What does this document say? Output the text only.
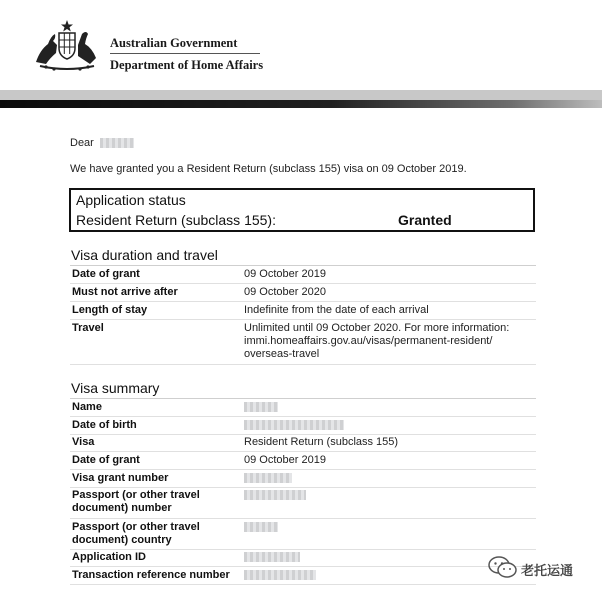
Australian Government
Department of Home Affairs
Dear
We have granted you a Resident Return (subclass 155) visa on 09 October 2019.
Application status
Resident Return (subclass 155):	Granted
Visa duration and travel
Date of grant	09 October 2019
Must not arrive after	09 October 2020
Length of stay	Indefinite from the date of each arrival
Travel	Unlimited until 09 October 2020. For more information:
immi.homeaffairs.gov.au/visas/permanent-resident/
overseas-travel
Visa summary
Name
Date of birth
Visa	Resident Return (subclass 155)
Date of grant	09 October 2019
Visa grant number
Passport (or other travel
document) number
Passport (or other travel
document) country
Application ID
Transaction reference number	老托运通
